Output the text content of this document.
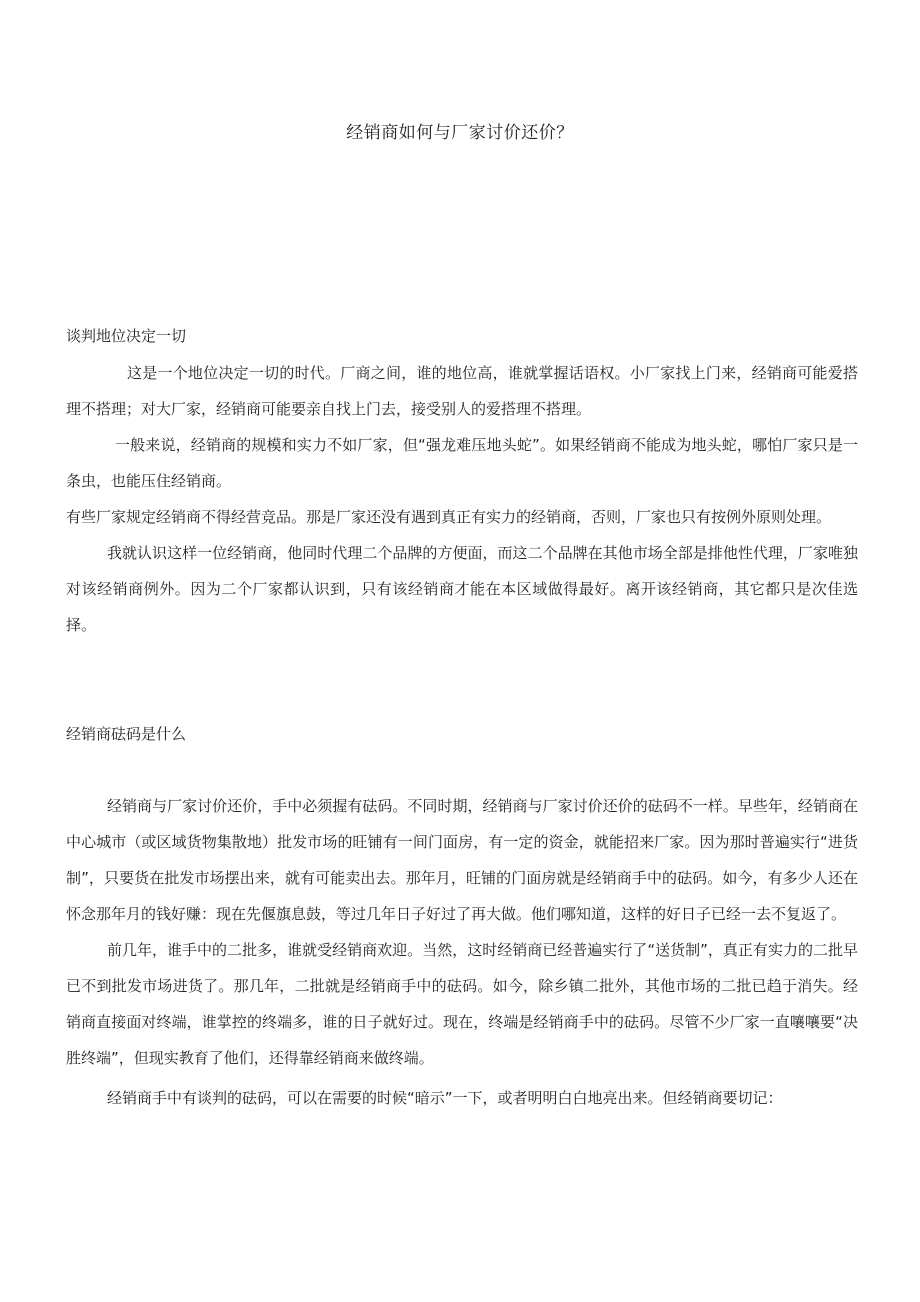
经销商如何与厂家讨价还价？
谈判地位决定一切

这是一个地位决定一切的时代。厂商之间，谁的地位高，谁就掌握话语权。小厂家找上门来，经销商可能爱搭理不搭理；对大厂家，经销商可能要亲自找上门去，接受别人的爱搭理不搭理。

一般来说，经销商的规模和实力不如厂家，但“强龙难压地头蛇”。如果经销商不能成为地头蛇，哪怕厂家只是一条虫，也能压住经销商。

有些厂家规定经销商不得经营竞品。那是厂家还没有遇到真正有实力的经销商，否则，厂家也只有按例外原则处理。

我就认识这样一位经销商，他同时代理二个品牌的方便面，而这二个品牌在其他市场全部是排他性代理，厂家唯独对该经销商例外。因为二个厂家都认识到，只有该经销商才能在本区域做得最好。离开该经销商，其它都只是次佳选择。

经销商砝码是什么

经销商与厂家讨价还价，手中必须握有砝码。不同时期，经销商与厂家讨价还价的砝码不一样。早些年，经销商在中心城市（或区域货物集散地）批发市场的旺铺有一间门面房，有一定的资金，就能招来厂家。因为那时普遍实行“进货制”，只要货在批发市场摆出来，就有可能卖出去。那年月，旺铺的门面房就是经销商手中的砝码。如今，有多少人还在怀念那年月的钱好赚：现在先偃旗息鼓，等过几年日子好过了再大做。他们哪知道，这样的好日子已经一去不复返了。

前几年，谁手中的二批多，谁就受经销商欢迎。当然，这时经销商已经普遍实行了“送货制”，真正有实力的二批早已不到批发市场进货了。那几年，二批就是经销商手中的砝码。如今，除乡镇二批外，其他市场的二批已趋于消失。经销商直接面对终端，谁掌控的终端多，谁的日子就好过。现在，终端是经销商手中的砝码。尽管不少厂家一直嚷嚷要“决胜终端”，但现实教育了他们，还得靠经销商来做终端。

经销商手中有谈判的砝码，可以在需要的时候“暗示”一下，或者明明白白地亮出来。但经销商要切记：
